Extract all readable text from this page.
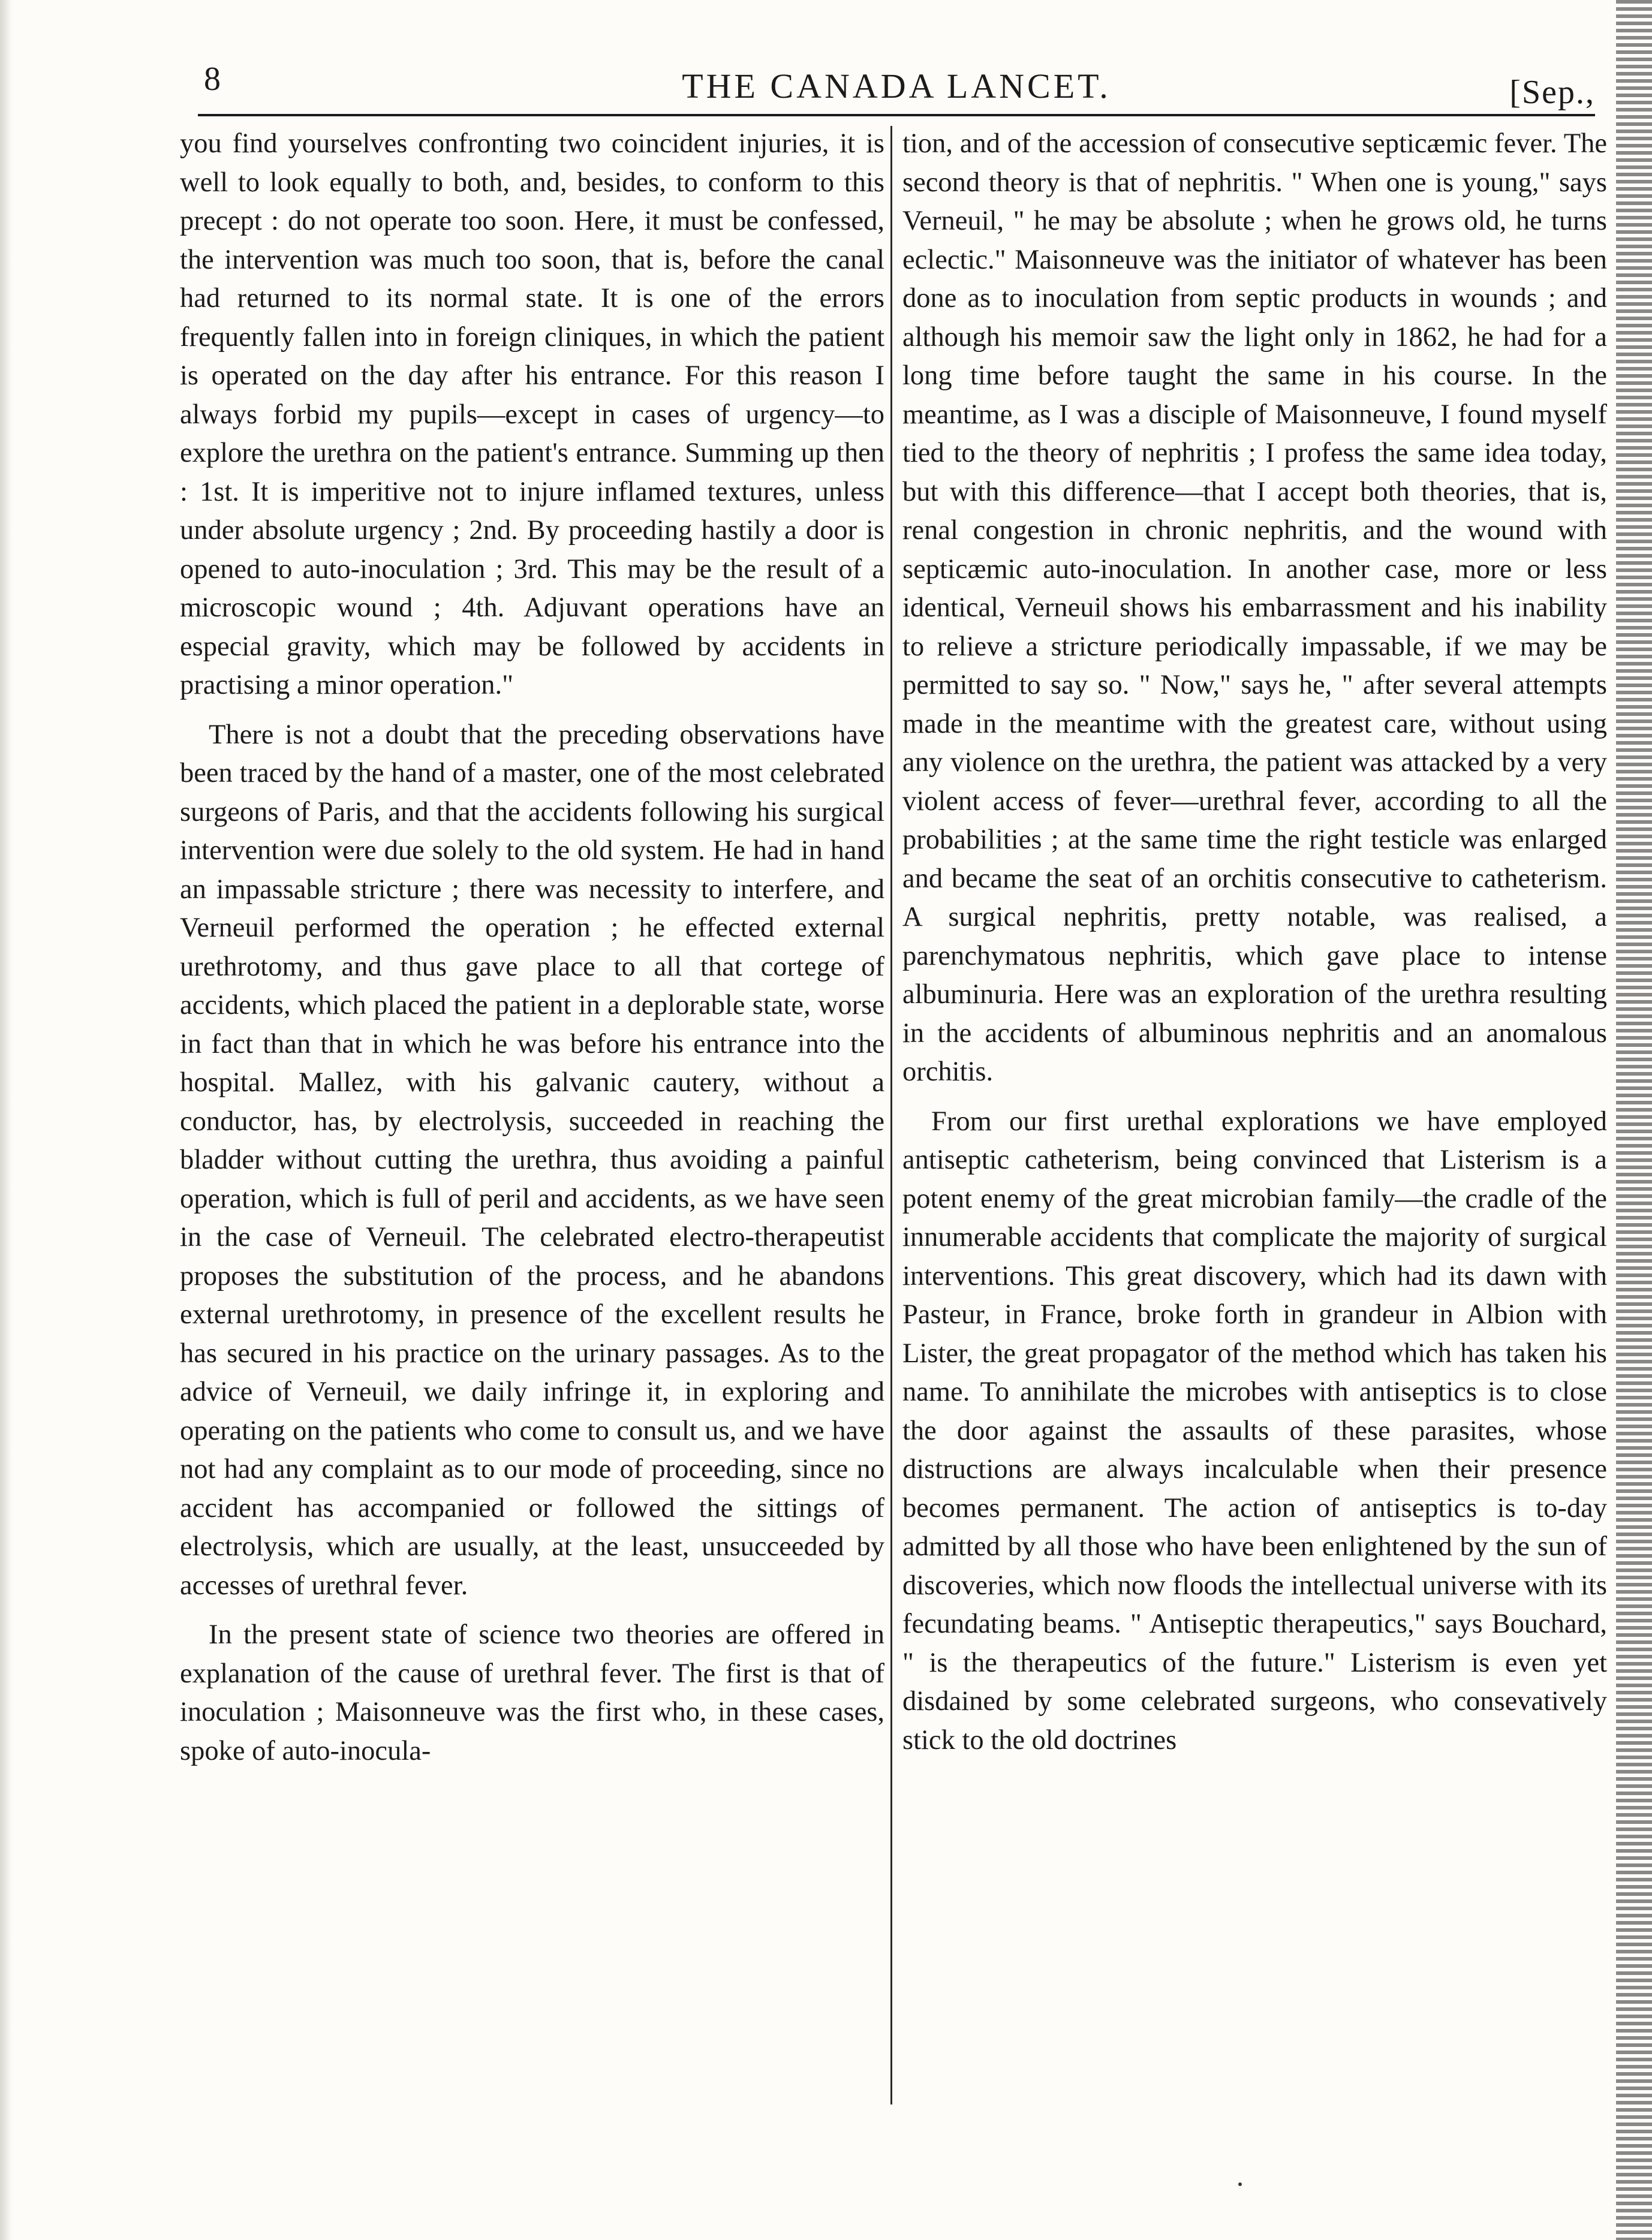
8	THE CANADA LANCET.	[Sep.,

you find yourselves confronting two coincident injuries, it is well to look equally to both, and, besides, to conform to this precept : do not operate too soon. Here, it must be confessed, the intervention was much too soon, that is, before the canal had returned to its normal state. It is one of the errors frequently fallen into in foreign cliniques, in which the patient is operated on the day after his entrance. For this reason I always forbid my pupils—except in cases of urgency—to explore the urethra on the patient's entrance. Summing up then : 1st. It is imperitive not to injure inflamed textures, unless under absolute urgency ; 2nd. By proceeding hastily a door is opened to auto-inoculation ; 3rd. This may be the result of a microscopic wound ; 4th. Adjuvant operations have an especial gravity, which may be followed by accidents in practising a minor operation."

There is not a doubt that the preceding observations have been traced by the hand of a master, one of the most celebrated surgeons of Paris, and that the accidents following his surgical intervention were due solely to the old system. He had in hand an impassable stricture ; there was necessity to interfere, and Verneuil performed the operation ; he effected external urethrotomy, and thus gave place to all that cortege of accidents, which placed the patient in a deplorable state, worse in fact than that in which he was before his entrance into the hospital. Mallez, with his galvanic cautery, without a conductor, has, by electrolysis, succeeded in reaching the bladder without cutting the urethra, thus avoiding a painful operation, which is full of peril and accidents, as we have seen in the case of Verneuil. The celebrated electro-therapeutist proposes the substitution of the process, and he abandons external urethrotomy, in presence of the excellent results he has secured in his practice on the urinary passages. As to the advice of Verneuil, we daily infringe it, in exploring and operating on the patients who come to consult us, and we have not had any complaint as to our mode of proceeding, since no accident has accompanied or followed the sittings of electrolysis, which are usually, at the least, unsucceeded by accesses of urethral fever.

In the present state of science two theories are offered in explanation of the cause of urethral fever. The first is that of inoculation ; Maisonneuve was the first who, in these cases, spoke of auto-inocula-

tion, and of the accession of consecutive septicæmic fever. The second theory is that of nephritis. " When one is young," says Verneuil, " he may be absolute ; when he grows old, he turns eclectic." Maisonneuve was the initiator of whatever has been done as to inoculation from septic products in wounds ; and although his memoir saw the light only in 1862, he had for a long time before taught the same in his course. In the meantime, as I was a disciple of Maisonneuve, I found myself tied to the theory of nephritis ; I profess the same idea today, but with this difference—that I accept both theories, that is, renal congestion in chronic nephritis, and the wound with septicæmic auto-inoculation. In another case, more or less identical, Verneuil shows his embarrassment and his inability to relieve a stricture periodically impassable, if we may be permitted to say so. " Now," says he, " after several attempts made in the meantime with the greatest care, without using any violence on the urethra, the patient was attacked by a very violent access of fever—urethral fever, according to all the probabilities ; at the same time the right testicle was enlarged and became the seat of an orchitis consecutive to catheterism. A surgical nephritis, pretty notable, was realised, a parenchymatous nephritis, which gave place to intense albuminuria. Here was an exploration of the urethra resulting in the accidents of albuminous nephritis and an anomalous orchitis.

From our first urethal explorations we have employed antiseptic catheterism, being convinced that Listerism is a potent enemy of the great microbian family—the cradle of the innumerable accidents that complicate the majority of surgical interventions. This great discovery, which had its dawn with Pasteur, in France, broke forth in grandeur in Albion with Lister, the great propagator of the method which has taken his name. To annihilate the microbes with antiseptics is to close the door against the assaults of these parasites, whose distructions are always incalculable when their presence becomes permanent. The action of antiseptics is to-day admitted by all those who have been enlightened by the sun of discoveries, which now floods the intellectual universe with its fecundating beams. " Antiseptic therapeutics," says Bouchard, " is the therapeutics of the future." Listerism is even yet disdained by some celebrated surgeons, who consevatively stick to the old doctrines
